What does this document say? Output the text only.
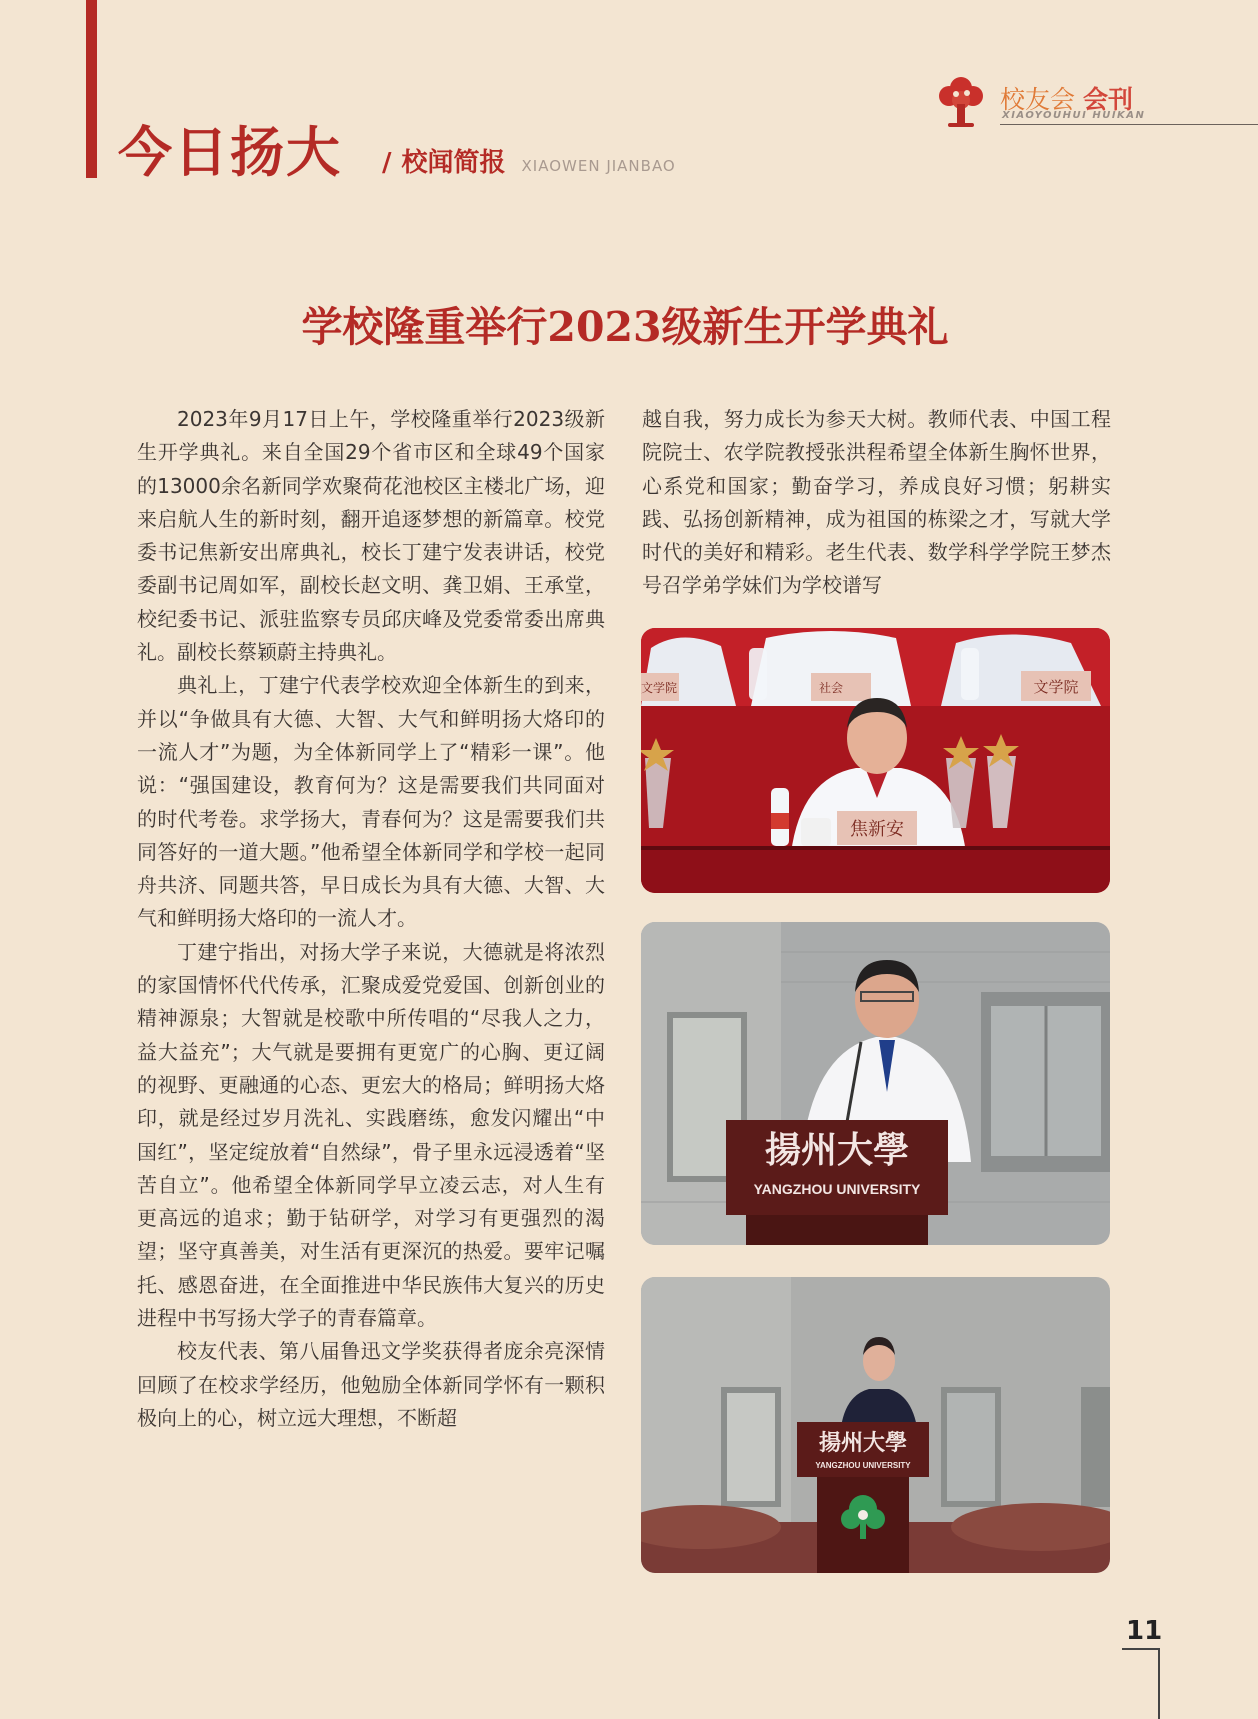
今日扬大 / 校闻简报 XIAOWEN JIANBAO
校友会 会刊
XIAOYOUHUI HUIKAN
学校隆重举行2023级新生开学典礼

2023年9月17日上午，学校隆重举行2023级新生开学典礼。来自全国29个省市区和全球49个国家的13000余名新同学欢聚荷花池校区主楼北广场，迎来启航人生的新时刻，翻开追逐梦想的新篇章。校党委书记焦新安出席典礼，校长丁建宁发表讲话，校党委副书记周如军，副校长赵文明、龚卫娟、王承堂，校纪委书记、派驻监察专员邱庆峰及党委常委出席典礼。副校长蔡颖蔚主持典礼。

典礼上，丁建宁代表学校欢迎全体新生的到来，并以“争做具有大德、大智、大气和鲜明扬大烙印的一流人才”为题，为全体新同学上了“精彩一课”。他说：“强国建设，教育何为？这是需要我们共同面对的时代考卷。求学扬大，青春何为？这是需要我们共同答好的一道大题。”他希望全体新同学和学校一起同舟共济、同题共答，早日成长为具有大德、大智、大气和鲜明扬大烙印的一流人才。

丁建宁指出，对扬大学子来说，大德就是将浓烈的家国情怀代代传承，汇聚成爱党爱国、创新创业的精神源泉；大智就是校歌中所传唱的“尽我人之力，益大益充”；大气就是要拥有更宽广的心胸、更辽阔的视野、更融通的心态、更宏大的格局；鲜明扬大烙印，就是经过岁月洗礼、实践磨练，愈发闪耀出“中国红”，坚定绽放着“自然绿”，骨子里永远浸透着“坚苦自立”。他希望全体新同学早立凌云志，对人生有更高远的追求；勤于钻研学，对学习有更强烈的渴望；坚守真善美，对生活有更深沉的热爱。要牢记嘱托、感恩奋进，在全面推进中华民族伟大复兴的历史进程中书写扬大学子的青春篇章。

校友代表、第八届鲁迅文学奖获得者庞余亮深情回顾了在校求学经历，他勉励全体新同学怀有一颗积极向上的心，树立远大理想，不断超

越自我，努力成长为参天大树。教师代表、中国工程院院士、农学院教授张洪程希望全体新生胸怀世界，心系党和国家；勤奋学习，养成良好习惯；躬耕实践、弘扬创新精神，成为祖国的栋梁之才，写就大学时代的美好和精彩。老生代表、数学科学学院王梦杰号召学弟学妹们为学校谱写

文学院
文学院	社会
焦新安
揚州大學
YANGZHOU UNIVERSITY
揚州大學
YANGZHOU UNIVERSITY
11
